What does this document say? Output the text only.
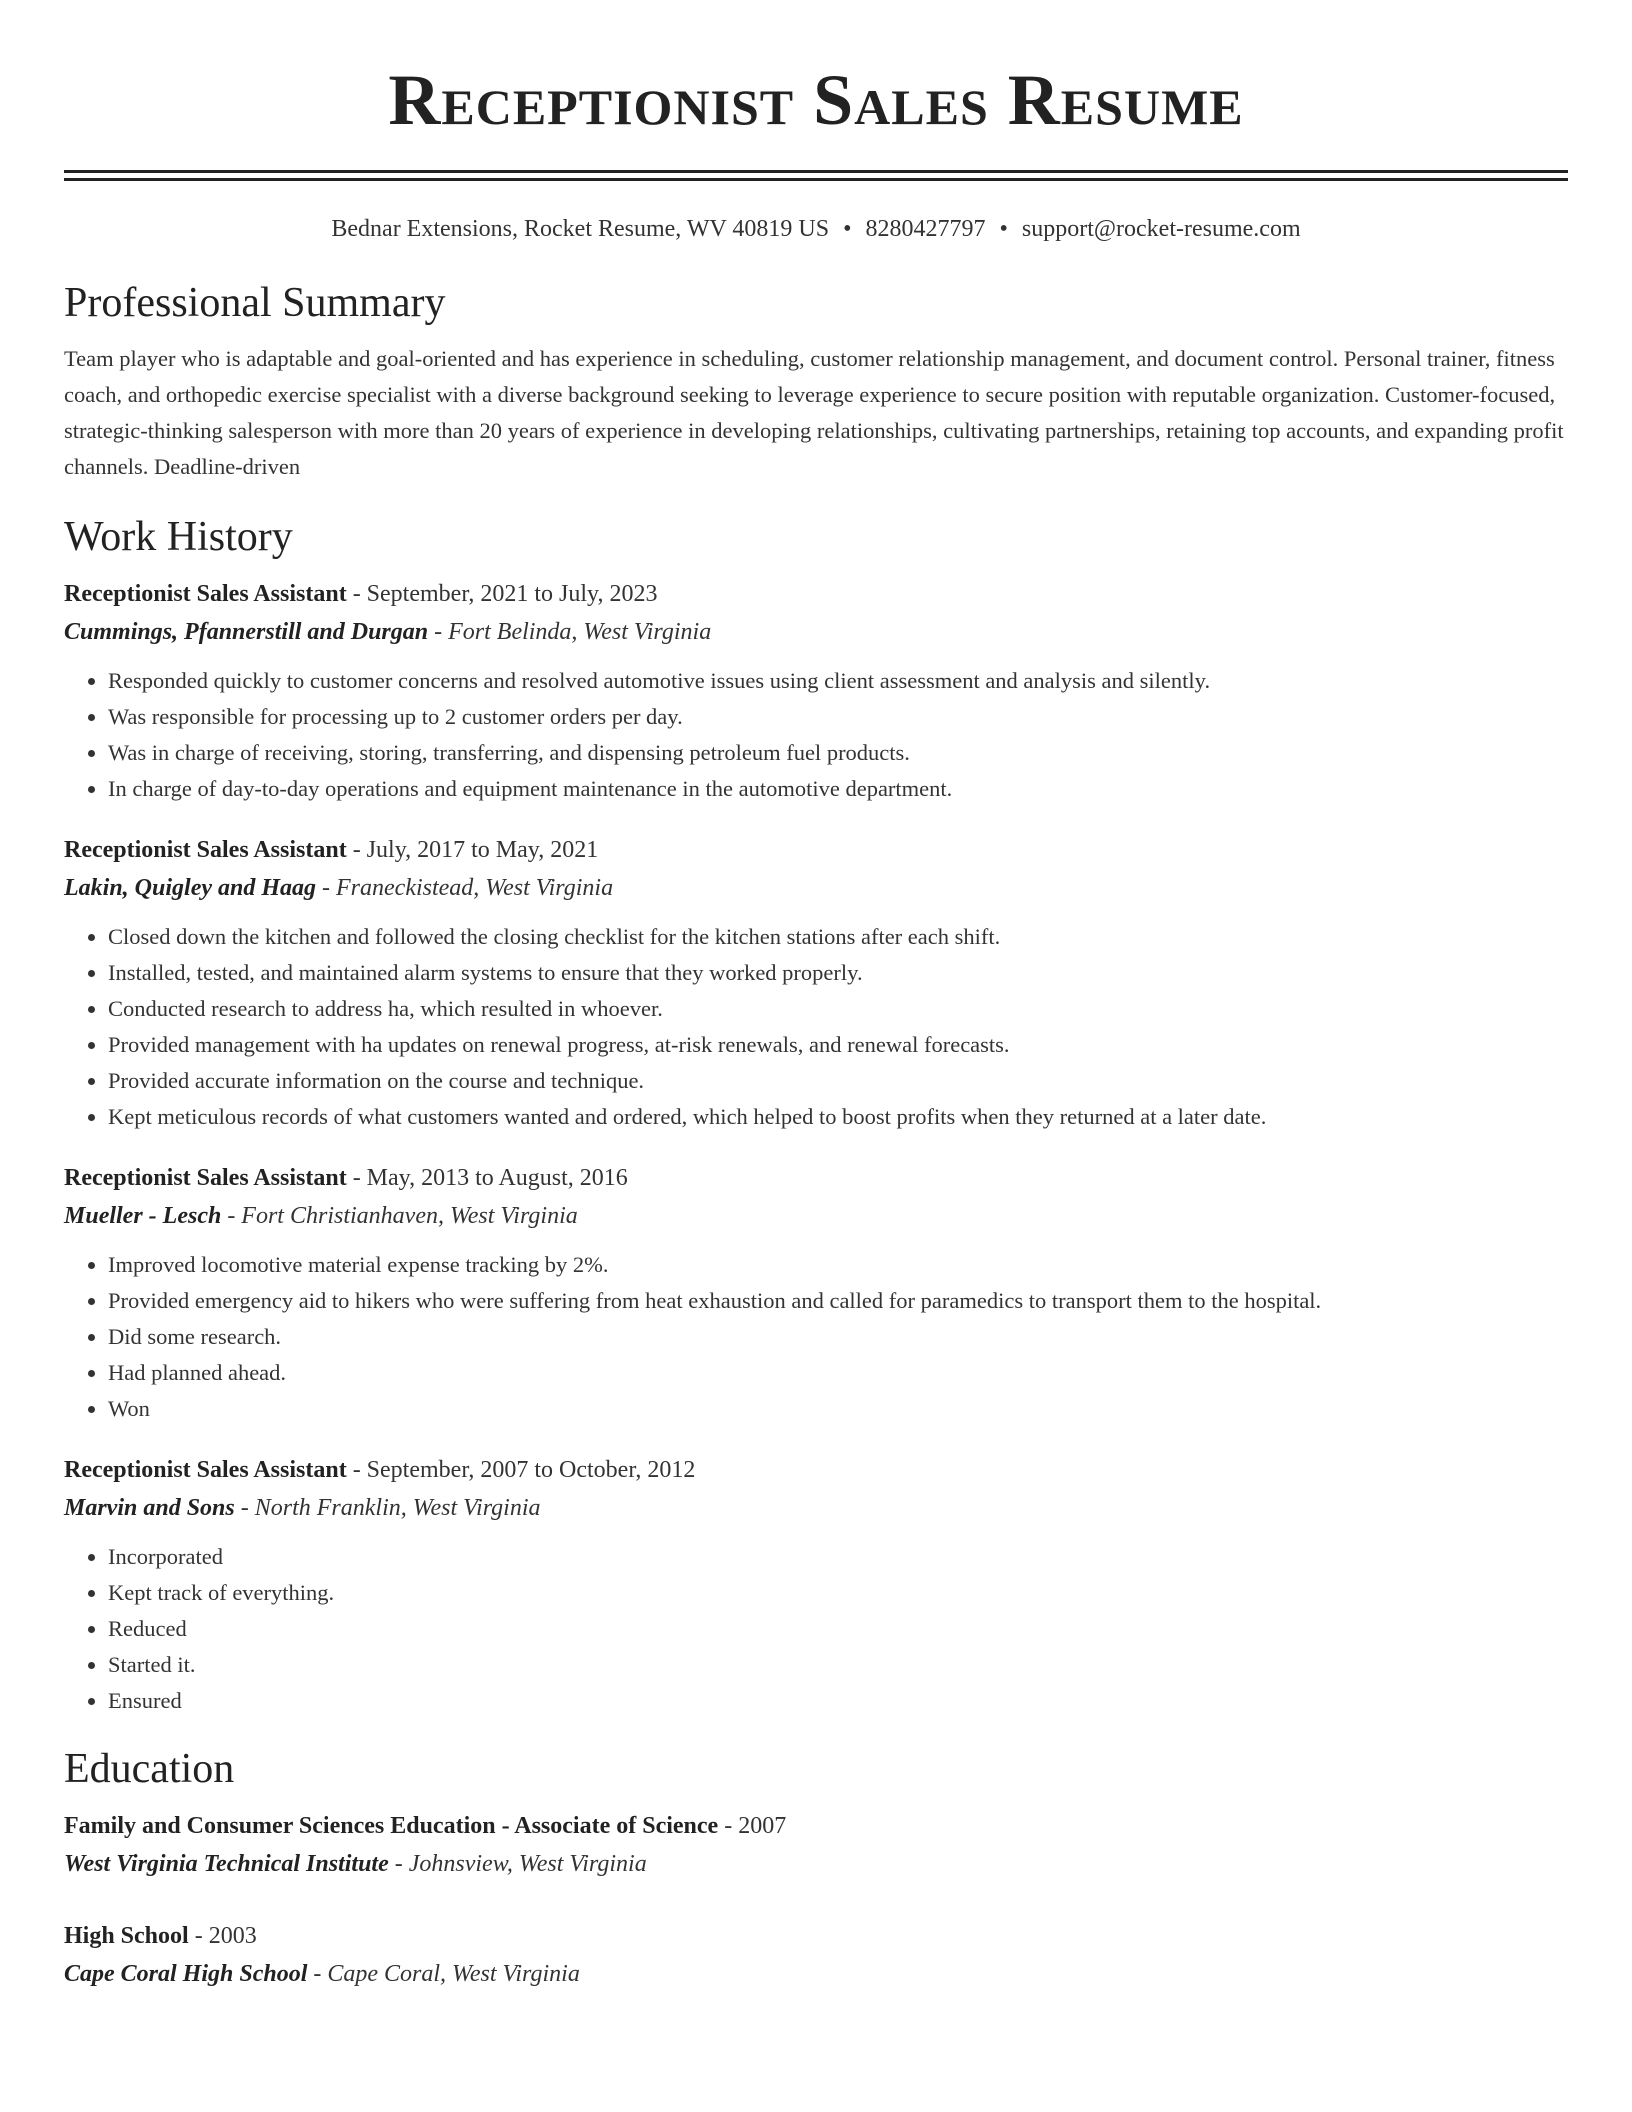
Receptionist Sales Resume
Bednar Extensions, Rocket Resume, WV 40819 US • 8280427797 • support@rocket-resume.com
Professional Summary
Team player who is adaptable and goal-oriented and has experience in scheduling, customer relationship management, and document control. Personal trainer, fitness coach, and orthopedic exercise specialist with a diverse background seeking to leverage experience to secure position with reputable organization. Customer-focused, strategic-thinking salesperson with more than 20 years of experience in developing relationships, cultivating partnerships, retaining top accounts, and expanding profit channels. Deadline-driven
Work History
Receptionist Sales Assistant - September, 2021 to July, 2023
Cummings, Pfannerstill and Durgan - Fort Belinda, West Virginia
• Responded quickly to customer concerns and resolved automotive issues using client assessment and analysis and silently.
• Was responsible for processing up to 2 customer orders per day.
• Was in charge of receiving, storing, transferring, and dispensing petroleum fuel products.
• In charge of day-to-day operations and equipment maintenance in the automotive department.
Receptionist Sales Assistant - July, 2017 to May, 2021
Lakin, Quigley and Haag - Franeckistead, West Virginia
• Closed down the kitchen and followed the closing checklist for the kitchen stations after each shift.
• Installed, tested, and maintained alarm systems to ensure that they worked properly.
• Conducted research to address ha, which resulted in whoever.
• Provided management with ha updates on renewal progress, at-risk renewals, and renewal forecasts.
• Provided accurate information on the course and technique.
• Kept meticulous records of what customers wanted and ordered, which helped to boost profits when they returned at a later date.
Receptionist Sales Assistant - May, 2013 to August, 2016
Mueller - Lesch - Fort Christianhaven, West Virginia
• Improved locomotive material expense tracking by 2%.
• Provided emergency aid to hikers who were suffering from heat exhaustion and called for paramedics to transport them to the hospital.
• Did some research.
• Had planned ahead.
• Won
Receptionist Sales Assistant - September, 2007 to October, 2012
Marvin and Sons - North Franklin, West Virginia
• Incorporated
• Kept track of everything.
• Reduced
• Started it.
• Ensured
Education
Family and Consumer Sciences Education - Associate of Science - 2007
West Virginia Technical Institute - Johnsview, West Virginia
High School - 2003
Cape Coral High School - Cape Coral, West Virginia
